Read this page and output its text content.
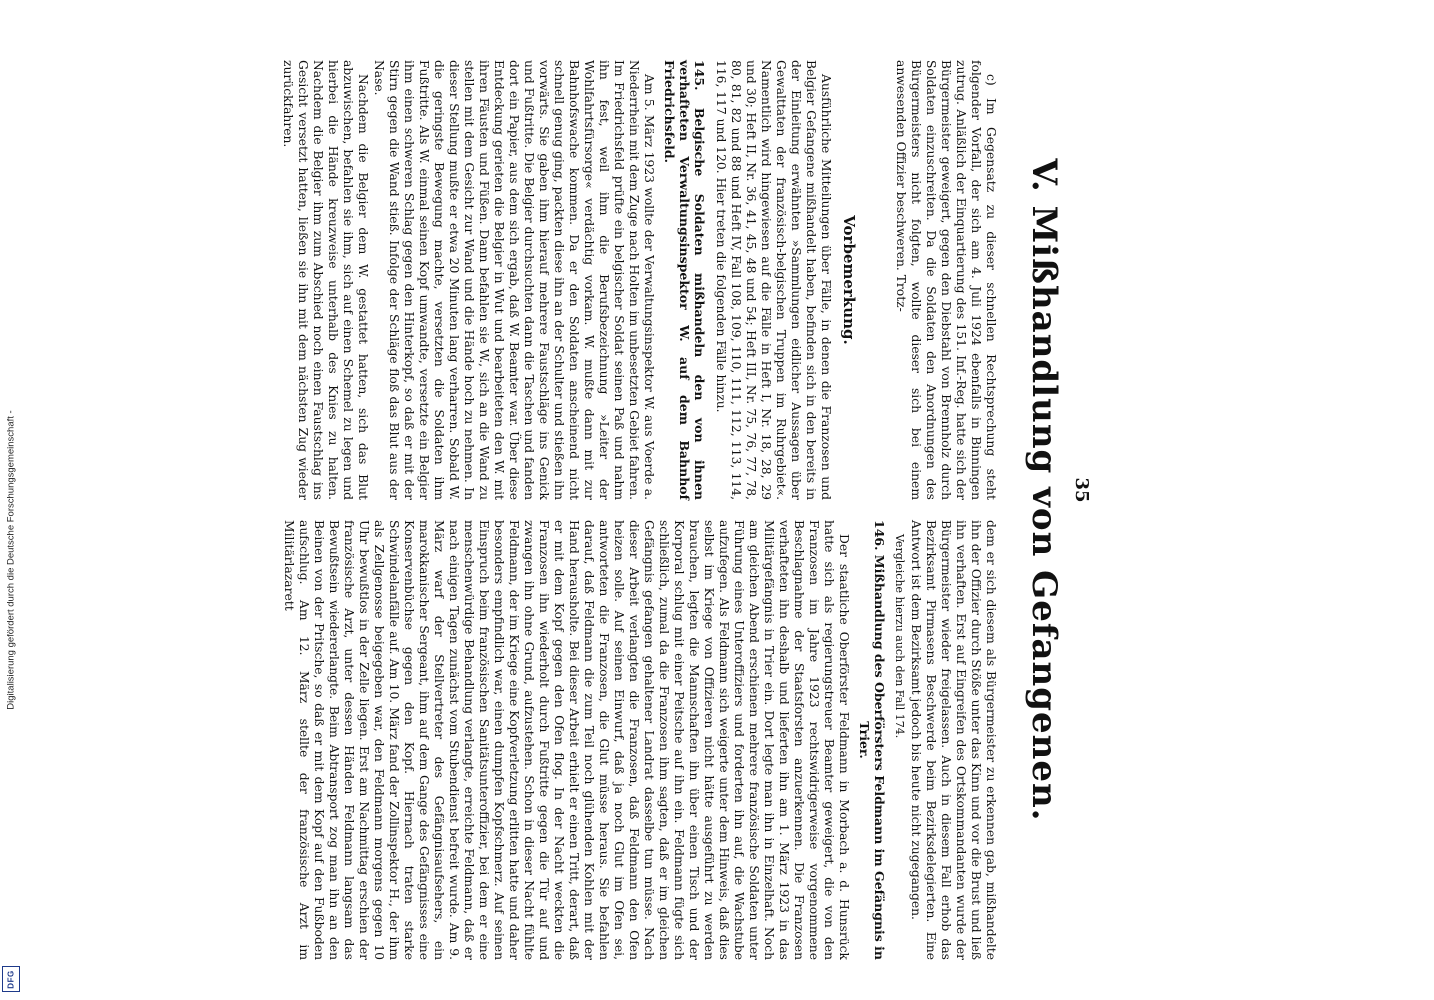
Digitalisierung gefördert durch die Deutsche Forschungsgemeinschaft -
DFG
35
V. Mißhandlung von Gefangenen.

c) Im Gegensatz zu dieser schnellen Rechtsprechung steht folgender Vorfall, der sich am 4. Juli 1924 ebenfalls in Binningen zutrug. Anläßlich der Einquartierung des 151. Inf.-Reg. hatte sich der Bürgermeister geweigert, gegen den Diebstahl von Brennholz durch Soldaten einzuschreiten. Da die Soldaten den Anordnungen des Bürgermeisters nicht folgten, wollte dieser sich bei einem anwesenden Offizier beschweren. Trotz-

Vorbemerkung.

Ausführliche Mitteilungen über Fälle, in denen die Franzosen und Belgier Gefangene mißhandelt haben, befinden sich in den bereits in der Einleitung erwähnten »Sammlungen eidlicher Aussagen über Gewalttaten der französisch-belgischen Truppen im Ruhrgebiet«. Namentlich wird hingewiesen auf die Fälle in Heft I, Nr. 18, 28, 29 und 30; Heft II, Nr. 36, 41, 45, 48 und 54; Heft III, Nr. 75, 76, 77, 78, 80, 81, 82 und 88 und Heft IV, Fall 108, 109, 110, 111, 112, 113, 114, 116, 117 und 120. Hier treten die folgenden Fälle hinzu.

145. Belgische Soldaten mißhandeln den von ihnen verhafteten Verwaltungsinspektor W. auf dem Bahnhof Friedrichsfeld.

Am 5. März 1923 wollte der Verwaltungsinspektor W. aus Voerde a. Niederrhein mit dem Zuge nach Holten im unbesetzten Gebiet fahren. Im Friedrichsfeld prüfte ein belgischer Soldat seinen Paß und nahm ihn fest, weil ihm die Berufsbezeichnung »Leiter der Wohlfahrtsfürsorge« verdächtig vorkam. W. mußte dann mit zur Bahnhofswache kommen. Da er den Soldaten anscheinend nicht schnell genug ging, packten diese ihn an der Schulter und stießen ihn vorwärts. Sie gaben ihm hierauf mehrere Faustschläge ins Genick und Fußtritte. Die Belgier durchsuchten dann die Taschen und fanden dort ein Papier, aus dem sich ergab, daß W. Beamter war. Über diese Entdeckung gerieten die Belgier in Wut und bearbeiteten den W. mit ihren Fäusten und Füßen. Dann befahlen sie W., sich an die Wand zu stellen mit dem Gesicht zur Wand und die Hände hoch zu nehmen. In dieser Stellung mußte er etwa 20 Minuten lang verharren. Sobald W. die geringste Bewegung machte, versetzten die Soldaten ihm Fußtritte. Als W. einmal seinen Kopf umwandte, versetzte ein Belgier ihm einen schweren Schlag gegen den Hinterkopf, so daß er mit der Stirn gegen die Wand stieß. Infolge der Schläge floß das Blut aus der Nase.

Nachdem die Belgier dem W. gestattet hatten, sich das Blut abzuwischen, befahlen sie ihm, sich auf einen Schemel zu legen und hierbei die Hände kreuzweise unterhalb des Knies zu halten. Nachdem die Belgier ihm zum Abschied noch einen Faustschlag ins Gesicht versetzt hatten, ließen sie ihn mit dem nächsten Zug wieder zurückfahren.

dem er sich diesem als Bürgermeister zu erkennen gab, mißhandelte ihn der Offizier durch Stöße unter das Kinn und vor die Brust und ließ ihn verhaften. Erst auf Eingreifen des Ortskommandanten wurde der Bürgermeister wieder freigelassen. Auch in diesem Fall erhob das Bezirksamt Pirmasens Beschwerde beim Bezirksdelegierten. Eine Antwort ist dem Bezirksamt jedoch bis heute nicht zugegangen.

Vergleiche hierzu auch den Fall 174.

146. Mißhandlung des Oberförsters Feldmann im Gefängnis in Trier.

Der staatliche Oberförster Feldmann in Morbach a. d. Hunsrück hatte sich als regierungstreuer Beamter geweigert, die von den Franzosen im Jahre 1923 rechtswidrigerweise vorgenommene Beschlagnahme der Staatsforsten anzuerkennen. Die Franzosen verhafteten ihn deshalb und lieferten ihn am 1. März 1923 in das Militärgefängnis in Trier ein. Dort legte man ihn in Einzelhaft. Noch am gleichen Abend erschienen mehrere französische Soldaten unter Führung eines Unteroffiziers und forderten ihn auf, die Wachstube aufzufegen. Als Feldmann sich weigerte unter dem Hinweis, daß dies selbst im Kriege von Offizieren nicht hätte ausgeführt zu werden brauchen, legten die Mannschaften ihn über einen Tisch und der Korporal schlug mit einer Peitsche auf ihn ein. Feldmann fügte sich schließlich, zumal da die Franzosen ihm sagten, daß er im gleichen Gefängnis gefangen gehaltener Landrat dasselbe tun müsse. Nach dieser Arbeit verlangten die Franzosen, daß Feldmann den Ofen heizen solle. Auf seinen Einwurf, daß ja noch Glut im Ofen sei, antworteten die Franzosen, die Glut müsse heraus. Sie befahlen darauf, daß Feldmann die zum Teil noch glühenden Kohlen mit der Hand herausholte. Bei dieser Arbeit erhielt er einen Tritt, derart, daß er mit dem Kopf gegen den Ofen flog. In der Nacht weckten die Franzosen ihn wiederholt durch Fußtritte gegen die Tür auf und zwangen ihn ohne Grund, aufzustehen. Schon in dieser Nacht fühlte Feldmann, der im Kriege eine Kopfverletzung erlitten hatte und daher besonders empfindlich war, einen dumpfen Kopfschmerz. Auf seinen Einspruch beim französischen Sanitätsunteroffizier, bei dem er eine menschenwürdige Behandlung verlangte, erreichte Feldmann, daß er nach einigen Tagen zunächst vom Stubendienst befreit wurde. Am 9. März warf der Stellvertreter des Gefängnisaufsehers, ein marokkanischer Sergeant, ihm auf dem Gange des Gefängnisses eine Konservenbüchse gegen den Kopf. Hiernach traten starke Schwindelanfälle auf. Am 10. März fand der Zollinspektor H., der ihm als Zellgenosse beigegeben war, den Feldmann morgens gegen 10 Uhr bewußtlos in der Zelle liegen. Erst am Nachmittag erschien der französische Arzt, unter dessen Händen Feldmann langsam das Bewußtsein wiedererlangte. Beim Abtransport zog man ihn an den Beinen von der Pritsche, so daß er mit dem Kopf auf den Fußboden aufschlug. Am 12. März stellte der französische Arzt im Militärlazarett
